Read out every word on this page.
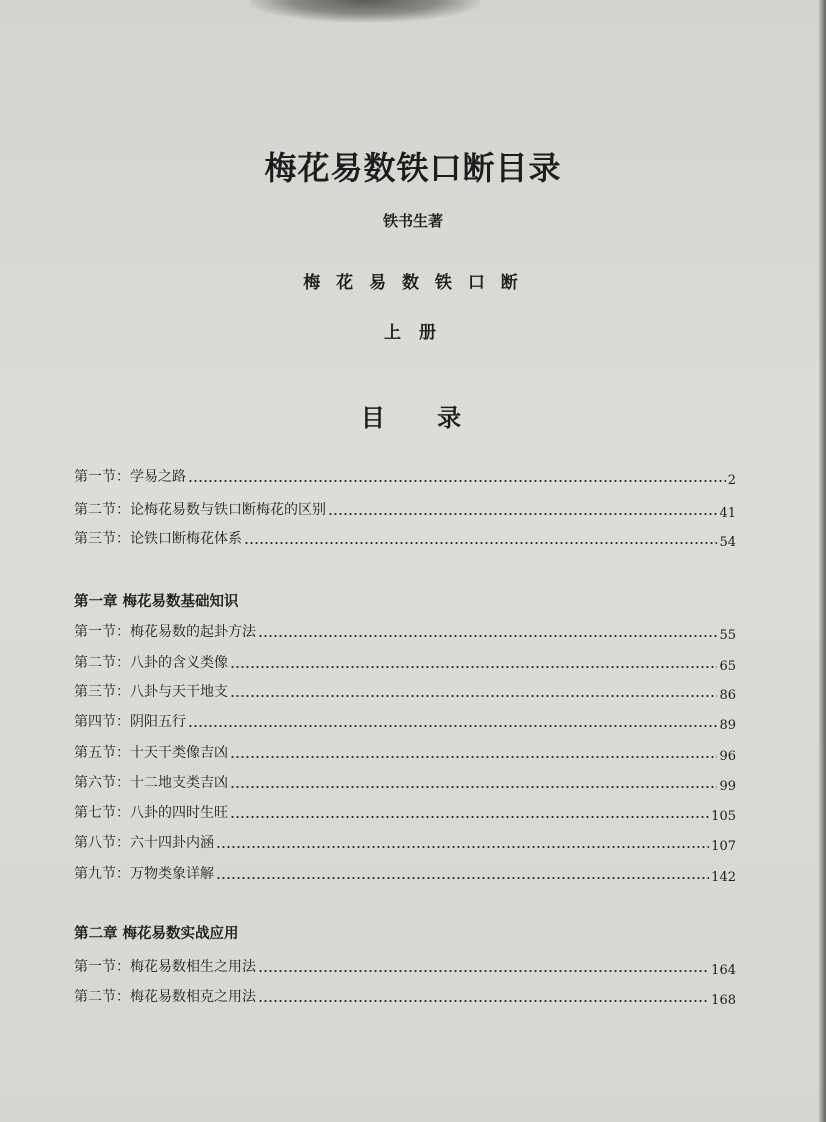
梅花易数铁口断目录
铁书生著
梅 花 易 数 铁 口 断
上 册
目 录
第一节：学易之路	2
第二节：论梅花易数与铁口断梅花的区别	41
第三节：论铁口断梅花体系	54
第一章 梅花易数基础知识
第一节：梅花易数的起卦方法	55
第二节：八卦的含义类像	65
第三节：八卦与天干地支	86
第四节：阴阳五行	89
第五节：十天干类像吉凶	96
第六节：十二地支类吉凶	99
第七节：八卦的四时生旺	105
第八节：六十四卦内涵	107
第九节：万物类象详解	142
第二章 梅花易数实战应用
第一节：梅花易数相生之用法	164
第二节：梅花易数相克之用法	168
